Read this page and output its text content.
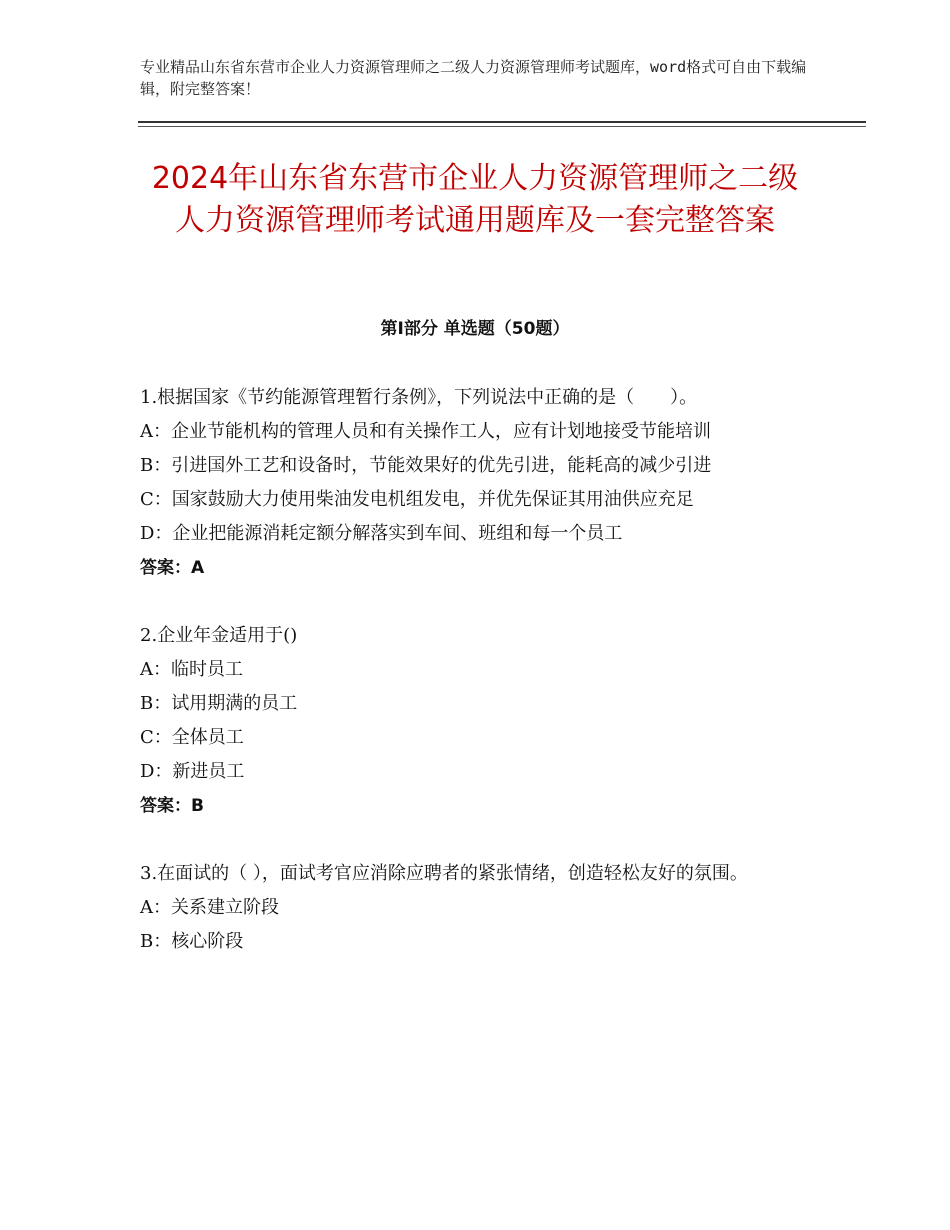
专业精品山东省东营市企业人力资源管理师之二级人力资源管理师考试题库，word格式可自由下载编辑，附完整答案！
2024年山东省东营市企业人力资源管理师之二级人力资源管理师考试通用题库及一套完整答案
第Ⅰ部分 单选题（50题）

1.根据国家《节约能源管理暂行条例》，下列说法中正确的是（　　）。

A：企业节能机构的管理人员和有关操作工人，应有计划地接受节能培训

B：引进国外工艺和设备时，节能效果好的优先引进，能耗高的减少引进

C：国家鼓励大力使用柴油发电机组发电，并优先保证其用油供应充足

D：企业把能源消耗定额分解落实到车间、班组和每一个员工

答案：A

2.企业年金适用于()

A：临时员工

B：试用期满的员工

C：全体员工

D：新进员工

答案：B

3.在面试的（ ），面试考官应消除应聘者的紧张情绪，创造轻松友好的氛围。

A：关系建立阶段

B：核心阶段
